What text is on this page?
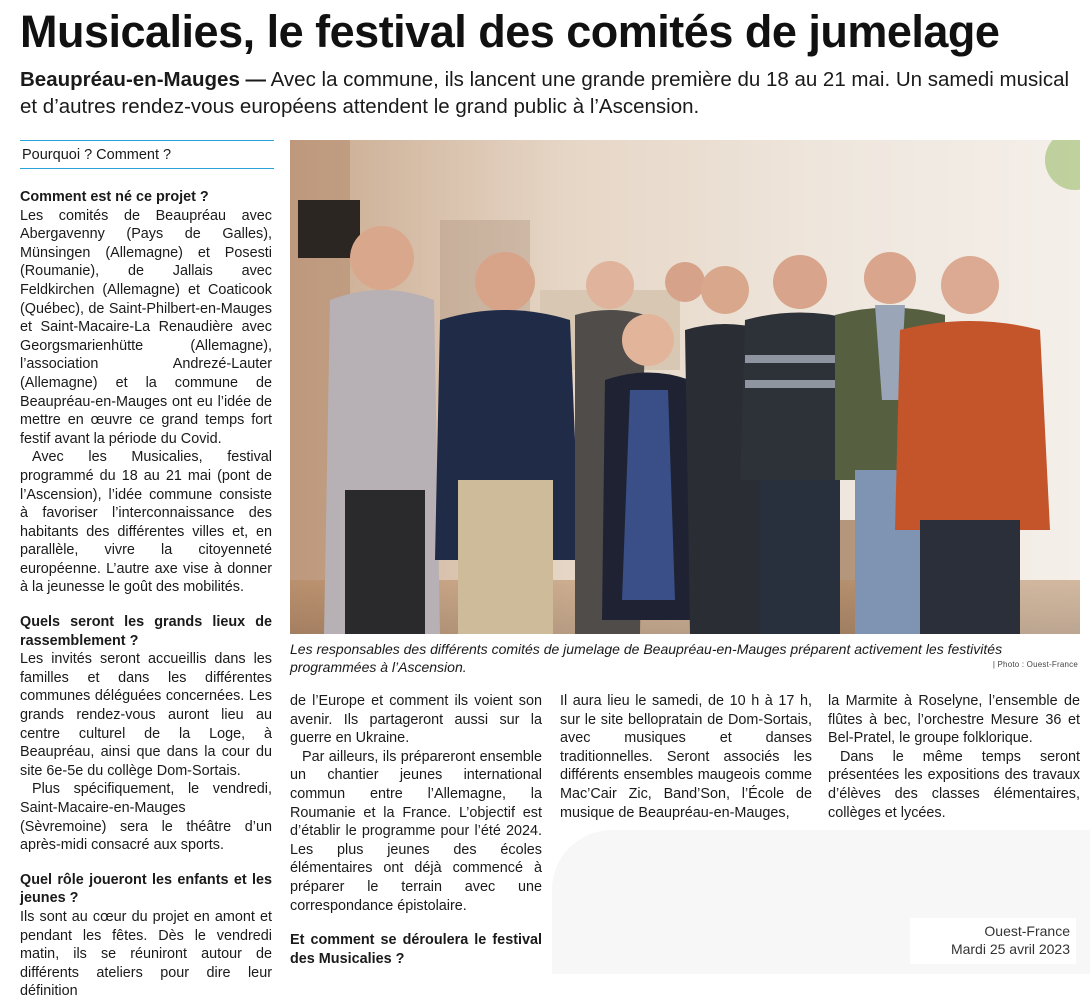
Musicalies, le festival des comités de jumelage
Beaupréau-en-Mauges — Avec la commune, ils lancent une grande première du 18 au 21 mai. Un samedi musical et d’autres rendez-vous européens attendent le grand public à l’Ascension.
Pourquoi ? Comment ?

Comment est né ce projet ?

Les comités de Beaupréau avec Abergavenny (Pays de Galles), Münsingen (Allemagne) et Posesti (Roumanie), de Jallais avec Feldkirchen (Allemagne) et Coaticook (Québec), de Saint-Philbert-en-Mauges et Saint-Macaire-La Renaudière avec Georgsmarienhütte (Allemagne), l’association Andrezé-Lauter (Allemagne) et la commune de Beaupréau-en-Mauges ont eu l’idée de mettre en œuvre ce grand temps fort festif avant la période du Covid.

Avec les Musicalies, festival programmé du 18 au 21 mai (pont de l’Ascension), l’idée commune consiste à favoriser l’interconnaissance des habitants des différentes villes et, en parallèle, vivre la citoyenneté européenne. L’autre axe vise à donner à la jeunesse le goût des mobilités.

Quels seront les grands lieux de rassemblement ?

Les invités seront accueillis dans les familles et dans les différentes communes déléguées concernées. Les grands rendez-vous auront lieu au centre culturel de la Loge, à Beaupréau, ainsi que dans la cour du site 6e-5e du collège Dom-Sortais.

Plus spécifiquement, le vendredi, Saint-Macaire-en-Mauges (Sèvremoine) sera le théâtre d’un après-midi consacré aux sports.

Quel rôle joueront les enfants et les jeunes ?

Ils sont au cœur du projet en amont et pendant les fêtes. Dès le vendredi matin, ils se réuniront autour de différents ateliers pour dire leur définition

Les responsables des différents comités de jumelage de Beaupréau-en-Mauges préparent activement les festivités programmées à l’Ascension.	| Photo : Ouest-France

de l’Europe et comment ils voient son avenir. Ils partageront aussi sur la guerre en Ukraine.

Par ailleurs, ils prépareront ensemble un chantier jeunes international commun entre l’Allemagne, la Roumanie et la France. L’objectif est d’établir le programme pour l’été 2024. Les plus jeunes des écoles élémentaires ont déjà commencé à préparer le terrain avec une correspondance épistolaire.

Et comment se déroulera le festival des Musicalies ?

Il aura lieu le samedi, de 10 h à 17 h, sur le site bellopratain de Dom-Sortais, avec musiques et danses traditionnelles. Seront associés les différents ensembles maugeois comme Mac’Cair Zic, Band’Son, l’École de musique de Beaupréau-en-Mauges,

la Marmite à Roselyne, l’ensemble de flûtes à bec, l’orchestre Mesure 36 et Bel-Pratel, le groupe folklorique.

Dans le même temps seront présentées les expositions des travaux d’élèves des classes élémentaires, collèges et lycées.

Ouest-France
Mardi 25 avril 2023
